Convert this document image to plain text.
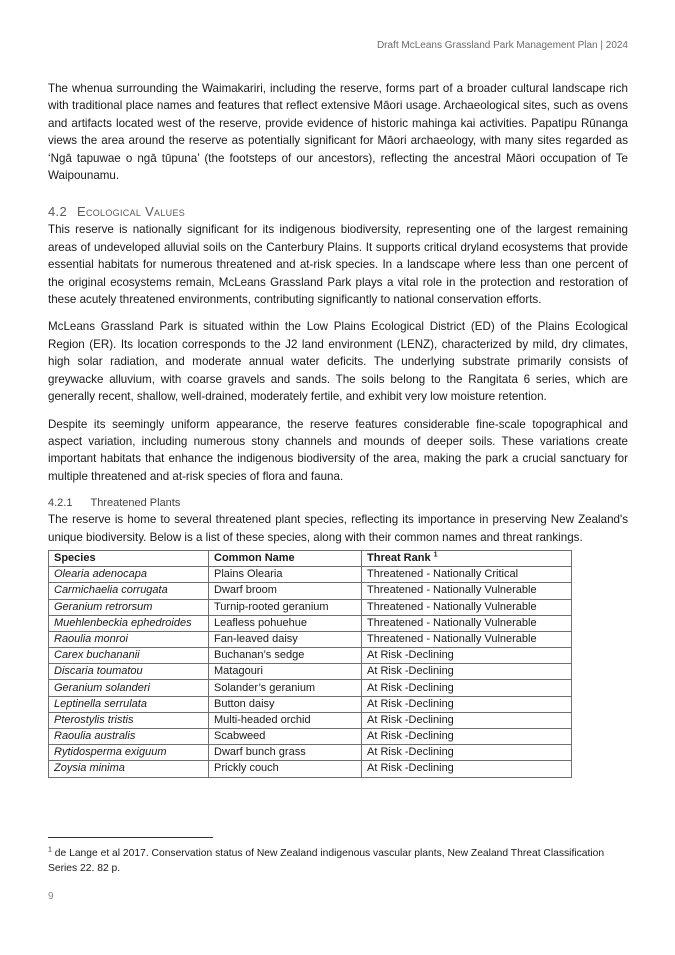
Draft McLeans Grassland Park Management Plan | 2024

The whenua surrounding the Waimakariri, including the reserve, forms part of a broader cultural landscape rich with traditional place names and features that reflect extensive Māori usage. Archaeological sites, such as ovens and artifacts located west of the reserve, provide evidence of historic mahinga kai activities. Papatipu Rūnanga views the area around the reserve as potentially significant for Māori archaeology, with many sites regarded as ‘Ngā tapuwae o ngā tūpuna’ (the footsteps of our ancestors), reflecting the ancestral Māori occupation of Te Waipounamu.

4.2 Ecological Values

This reserve is nationally significant for its indigenous biodiversity, representing one of the largest remaining areas of undeveloped alluvial soils on the Canterbury Plains. It supports critical dryland ecosystems that provide essential habitats for numerous threatened and at-risk species. In a landscape where less than one percent of the original ecosystems remain, McLeans Grassland Park plays a vital role in the protection and restoration of these acutely threatened environments, contributing significantly to national conservation efforts.

McLeans Grassland Park is situated within the Low Plains Ecological District (ED) of the Plains Ecological Region (ER). Its location corresponds to the J2 land environment (LENZ), characterized by mild, dry climates, high solar radiation, and moderate annual water deficits. The underlying substrate primarily consists of greywacke alluvium, with coarse gravels and sands. The soils belong to the Rangitata 6 series, which are generally recent, shallow, well-drained, moderately fertile, and exhibit very low moisture retention.

Despite its seemingly uniform appearance, the reserve features considerable fine-scale topographical and aspect variation, including numerous stony channels and mounds of deeper soils. These variations create important habitats that enhance the indigenous biodiversity of the area, making the park a crucial sanctuary for multiple threatened and at-risk species of flora and fauna.

4.2.1 Threatened Plants

The reserve is home to several threatened plant species, reflecting its importance in preserving New Zealand's unique biodiversity. Below is a list of these species, along with their common names and threat rankings.

Species	Common Name	Threat Rank $^1$
Olearia adenocapa	Plains Olearia	Threatened - Nationally Critical
Carmichaelia corrugata	Dwarf broom	Threatened - Nationally Vulnerable
Geranium retrorsum	Turnip-rooted geranium	Threatened - Nationally Vulnerable
Muehlenbeckia ephedroides	Leafless pohuehue	Threatened - Nationally Vulnerable
Raoulia monroi	Fan-leaved daisy	Threatened - Nationally Vulnerable
Carex buchananii	Buchanan’s sedge	At Risk -Declining
Discaria toumatou	Matagouri	At Risk -Declining
Geranium solanderi	Solander’s geranium	At Risk -Declining
Leptinella serrulata	Button daisy	At Risk -Declining
Pterostylis tristis	Multi-headed orchid	At Risk -Declining
Raoulia australis	Scabweed	At Risk -Declining
Rytidosperma exiguum	Dwarf bunch grass	At Risk -Declining
Zoysia minima	Prickly couch	At Risk -Declining
$^1$ de Lange et al 2017. Conservation status of New Zealand indigenous vascular plants, New Zealand Threat Classification Series 22. 82 p.
9
